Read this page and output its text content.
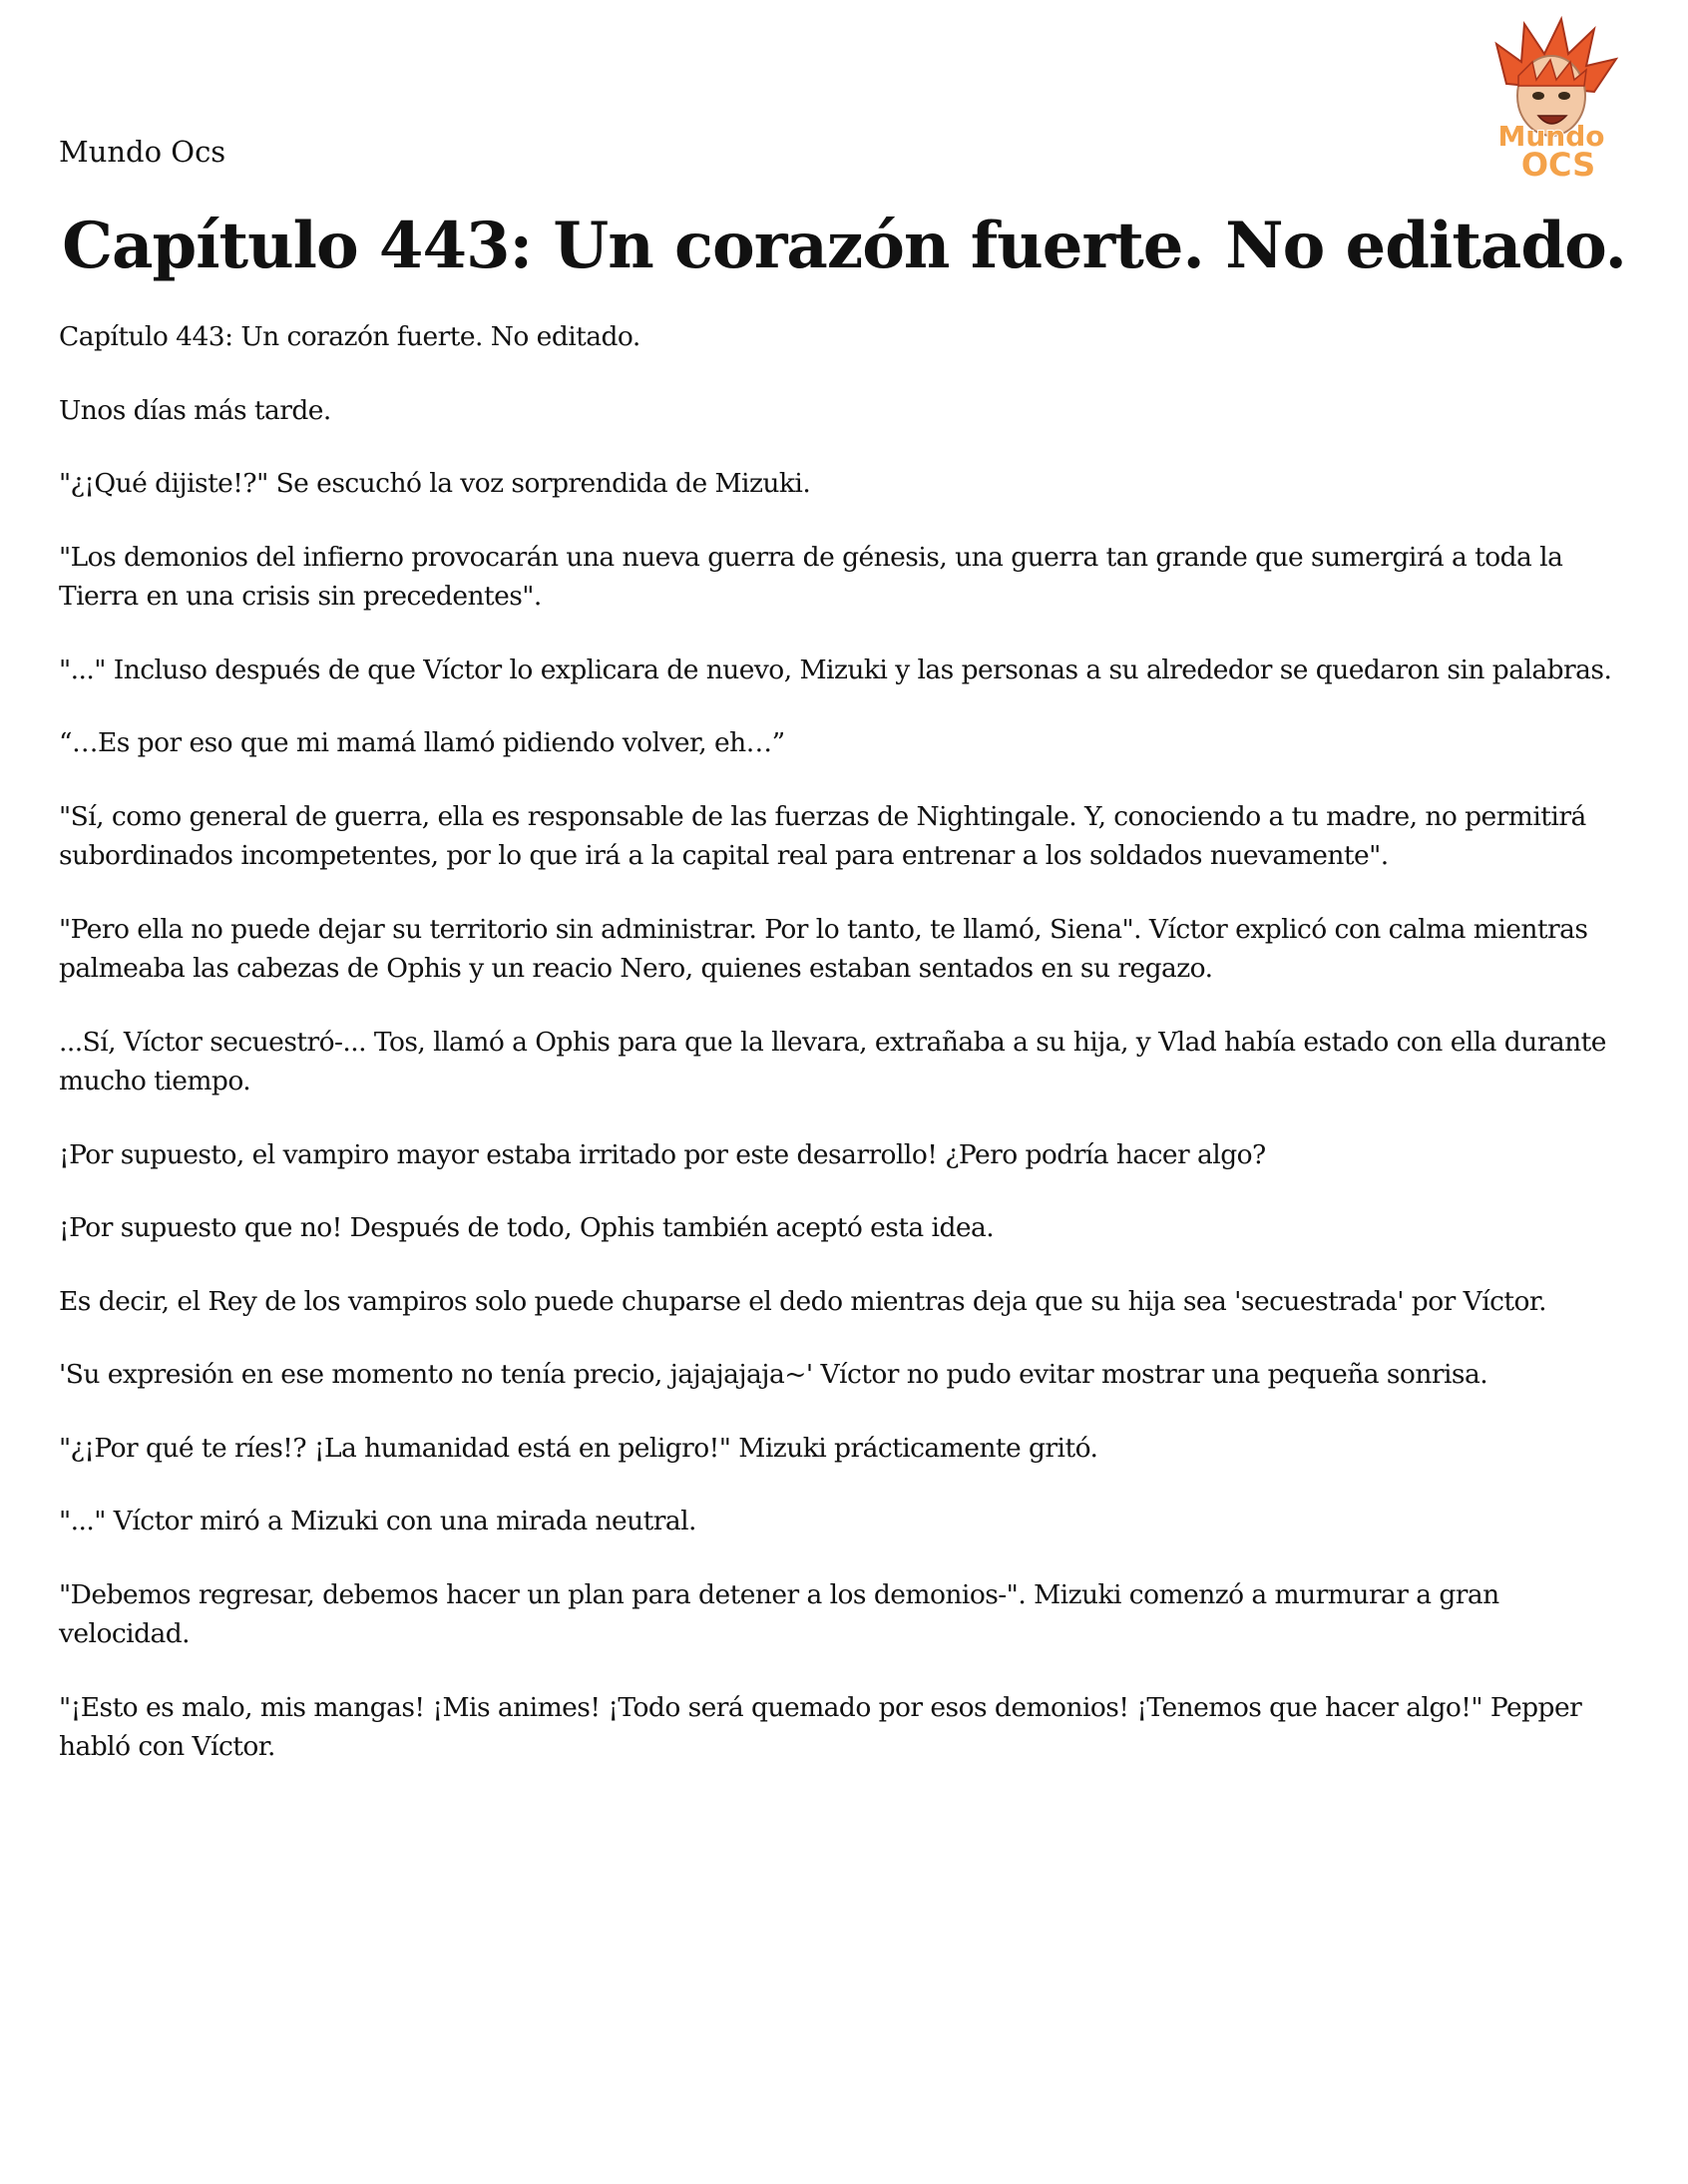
Mundo Ocs	Mundo
OCS
Capítulo 443: Un corazón fuerte. No editado.

Capítulo 443: Un corazón fuerte. No editado.

Unos días más tarde.

"¿¡Qué dijiste!?" Se escuchó la voz sorprendida de Mizuki.

"Los demonios del infierno provocarán una nueva guerra de génesis, una guerra tan grande que sumergirá a toda la Tierra en una crisis sin precedentes".

"..." Incluso después de que Víctor lo explicara de nuevo, Mizuki y las personas a su alrededor se quedaron sin palabras.

“…Es por eso que mi mamá llamó pidiendo volver, eh…”

"Sí, como general de guerra, ella es responsable de las fuerzas de Nightingale. Y, conociendo a tu madre, no permitirá subordinados incompetentes, por lo que irá a la capital real para entrenar a los soldados nuevamente".

"Pero ella no puede dejar su territorio sin administrar. Por lo tanto, te llamó, Siena". Víctor explicó con calma mientras palmeaba las cabezas de Ophis y un reacio Nero, quienes estaban sentados en su regazo.

...Sí, Víctor secuestró-... Tos, llamó a Ophis para que la llevara, extrañaba a su hija, y Vlad había estado con ella durante mucho tiempo.

¡Por supuesto, el vampiro mayor estaba irritado por este desarrollo! ¿Pero podría hacer algo?

¡Por supuesto que no! Después de todo, Ophis también aceptó esta idea.

Es decir, el Rey de los vampiros solo puede chuparse el dedo mientras deja que su hija sea 'secuestrada' por Víctor.

'Su expresión en ese momento no tenía precio, jajajajaja~' Víctor no pudo evitar mostrar una pequeña sonrisa.

"¿¡Por qué te ríes!? ¡La humanidad está en peligro!" Mizuki prácticamente gritó.

"..." Víctor miró a Mizuki con una mirada neutral.

"Debemos regresar, debemos hacer un plan para detener a los demonios-". Mizuki comenzó a murmurar a gran velocidad.

"¡Esto es malo, mis mangas! ¡Mis animes! ¡Todo será quemado por esos demonios! ¡Tenemos que hacer algo!" Pepper habló con Víctor.
